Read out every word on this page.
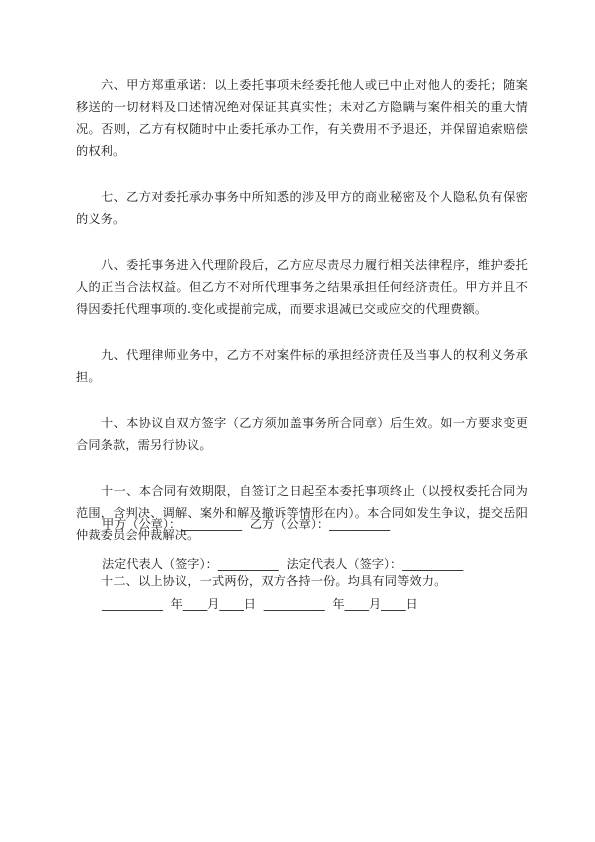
六、甲方郑重承诺：以上委托事项未经委托他人或已中止对他人的委托；随案移送的一切材料及口述情况绝对保证其真实性；未对乙方隐瞒与案件相关的重大情况。否则，乙方有权随时中止委托承办工作，有关费用不予退还，并保留追索赔偿的权利。

七、乙方对委托承办事务中所知悉的涉及甲方的商业秘密及个人隐私负有保密的义务。

八、委托事务进入代理阶段后，乙方应尽责尽力履行相关法律程序，维护委托人的正当合法权益。但乙方不对所代理事务之结果承担任何经济责任。甲方并且不得因委托代理事项的.变化或提前完成，而要求退减已交或应交的代理费额。

九、代理律师业务中，乙方不对案件标的承担经济责任及当事人的权利义务承担。

十、本协议自双方签字（乙方须加盖事务所合同章）后生效。如一方要求变更合同条款，需另行协议。

十一、本合同有效期限，自签订之日起至本委托事项终止（以授权委托合同为范围，含判决、调解、案外和解及撤诉等情形在内）。本合同如发生争议，提交岳阳仲裁委员会仲裁解决。

十二、以上协议，一式两份，双方各持一份。均具有同等效力。

甲方（公章）：__________  乙方（公章）：__________
法定代表人（签字）：__________  法定代表人（签字）：__________
__________  年____月____日  __________  年____月____日
